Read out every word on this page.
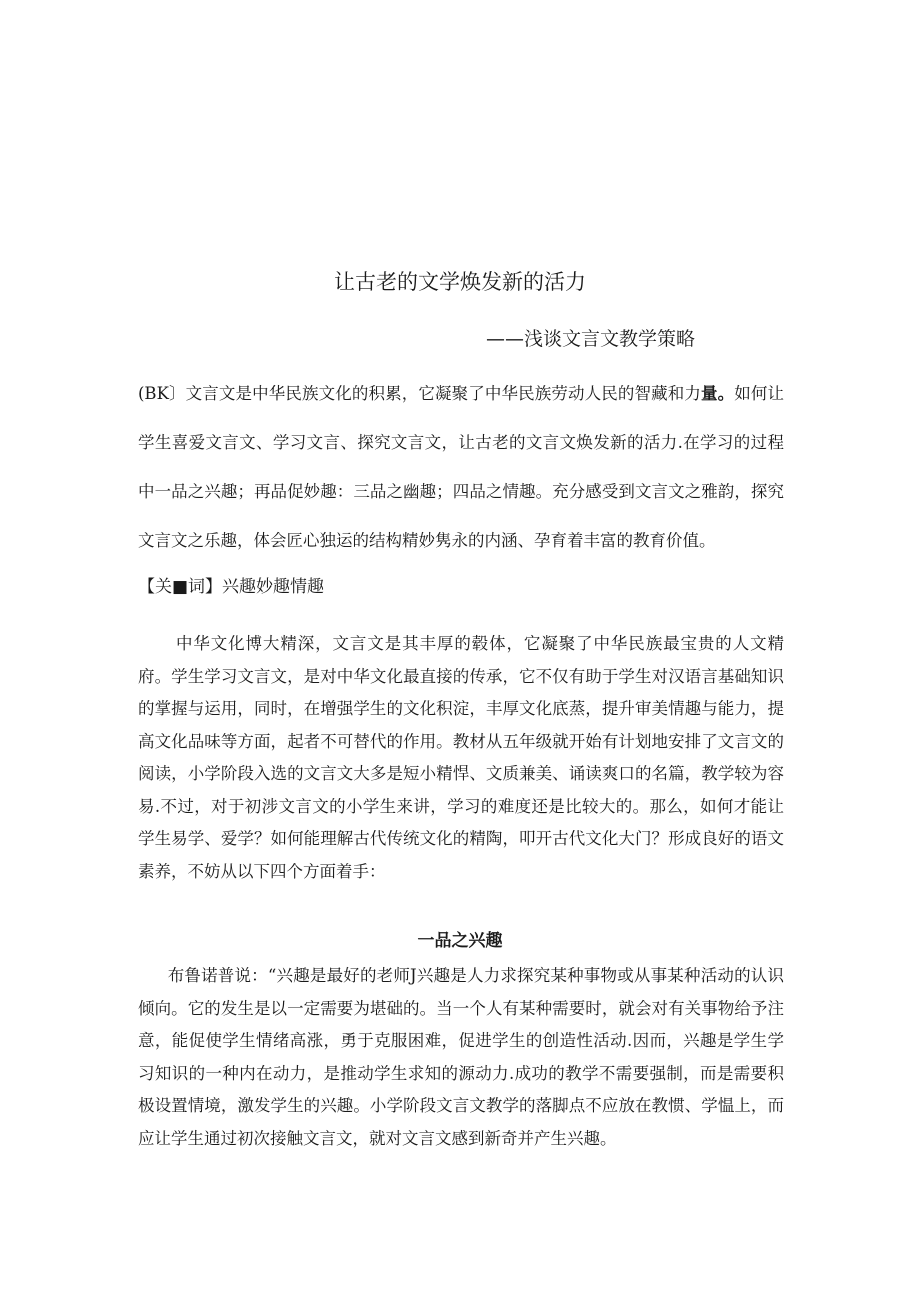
让古老的文学焕发新的活力
——浅谈文言文教学策略

(BK〕文言文是中华民族文化的积累，它凝聚了中华民族劳动人民的智藏和力量。如何让学生喜爱文言文、学习文言、探究文言文，让古老的文言文焕发新的活力.在学习的过程中一品之兴趣；再品促妙趣：三品之幽趣；四品之情趣。充分感受到文言文之雅韵，探究文言文之乐趣，体会匠心独运的结构精妙隽永的内涵、孕育着丰富的教育价值。

【关■词】兴趣妙趣情趣

中华文化博大精深，文言文是其丰厚的毂体，它凝聚了中华民族最宝贵的人文精府。学生学习文言文，是对中华文化最直接的传承，它不仅有助于学生对汉语言基础知识的掌握与运用，同时，在增强学生的文化积淀，丰厚文化底蒸，提升审美情趣与能力，提高文化品味等方面，起者不可替代的作用。教材从五年级就开始有计划地安排了文言文的阅读，小学阶段入选的文言文大多是短小精悍、文质兼美、诵读爽口的名篇，教学较为容易.不过，对于初涉文言文的小学生来讲，学习的难度还是比较大的。那么，如何才能让学生易学、爱学？如何能理解古代传统文化的精陶，叩开古代文化大门？形成良好的语文素养，不妨从以下四个方面着手：

一品之兴趣

布鲁诺普说：“兴趣是最好的老师J兴趣是人力求探究某种事物或从事某种活动的认识倾向。它的发生是以一定需要为堪础的。当一个人有某种需要时，就会对有关事物给予注意，能促使学生情绪高涨，勇于克服困难，促进学生的创造性活动.因而，兴趣是学生学习知识的一种内在动力，是推动学生求知的源动力.成功的教学不需要强制，而是需要积极设置情境，激发学生的兴趣。小学阶段文言文教学的落脚点不应放在教惯、学愠上，而应让学生通过初次接触文言文，就对文言文感到新奇并产生兴趣。
